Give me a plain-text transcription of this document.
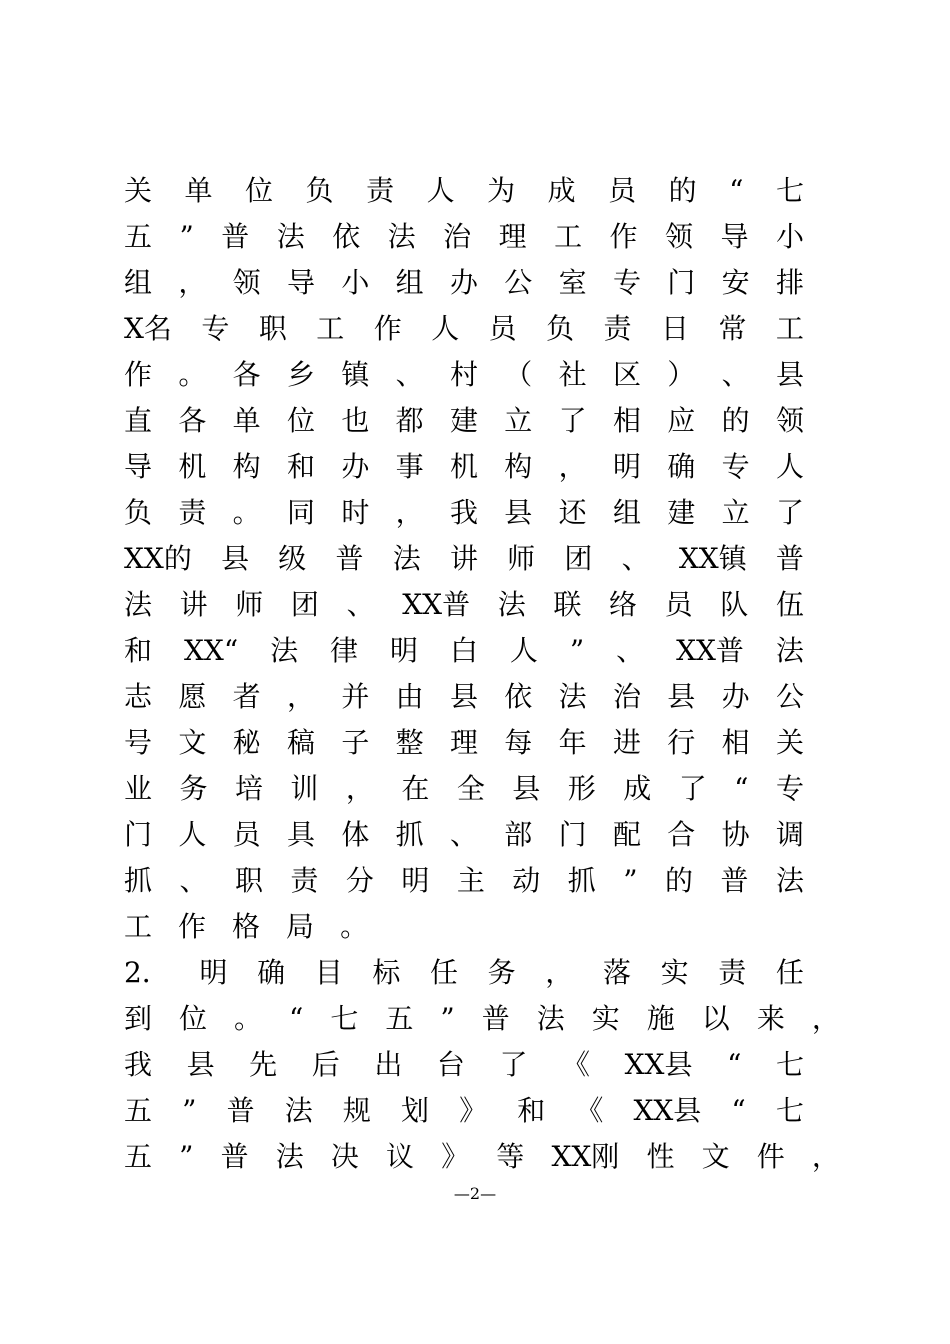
关 单 位 负 责 人 为 成 员 的 “ 七
五 ” 普 法 依 法 治 理 工 作 领 导 小
组 ， 领 导 小 组 办 公 室 专 门 安 排
X名 专 职 工 作 人 员 负 责 日 常 工
作 。 各 乡 镇 、 村 （ 社 区 ） 、 县
直 各 单 位 也 都 建 立 了 相 应 的 领
导 机 构 和 办 事 机 构 ， 明 确 专 人
负 责 。 同 时 ， 我 县 还 组 建 立 了
XX的 县 级 普 法 讲 师 团 、 XX镇 普
法 讲 师 团 、 XX普 法 联 络 员 队 伍
和 XX“ 法 律 明 白 人 ” 、 XX普 法
志 愿 者 ， 并 由 县 依 法 治 县 办 公
号 文 秘 稿 子 整 理 每 年 进 行 相 关
业 务 培 训 ， 在 全 县 形 成 了 “ 专
门 人 员 具 体 抓 、 部 门 配 合 协 调
抓 、 职 责 分 明 主 动 抓 ” 的 普 法
工 作 格 局 。
2． 明 确 目 标 任 务 ， 落 实 责 任
到 位 。 “ 七 五 ” 普 法 实 施 以 来 ，
我 县 先 后 出 台 了 《 XX县 “ 七
五 ” 普 法 规 划 》 和 《 XX县 “ 七
五 ” 普 法 决 议 》 等 XX刚 性 文 件 ，
—2—
